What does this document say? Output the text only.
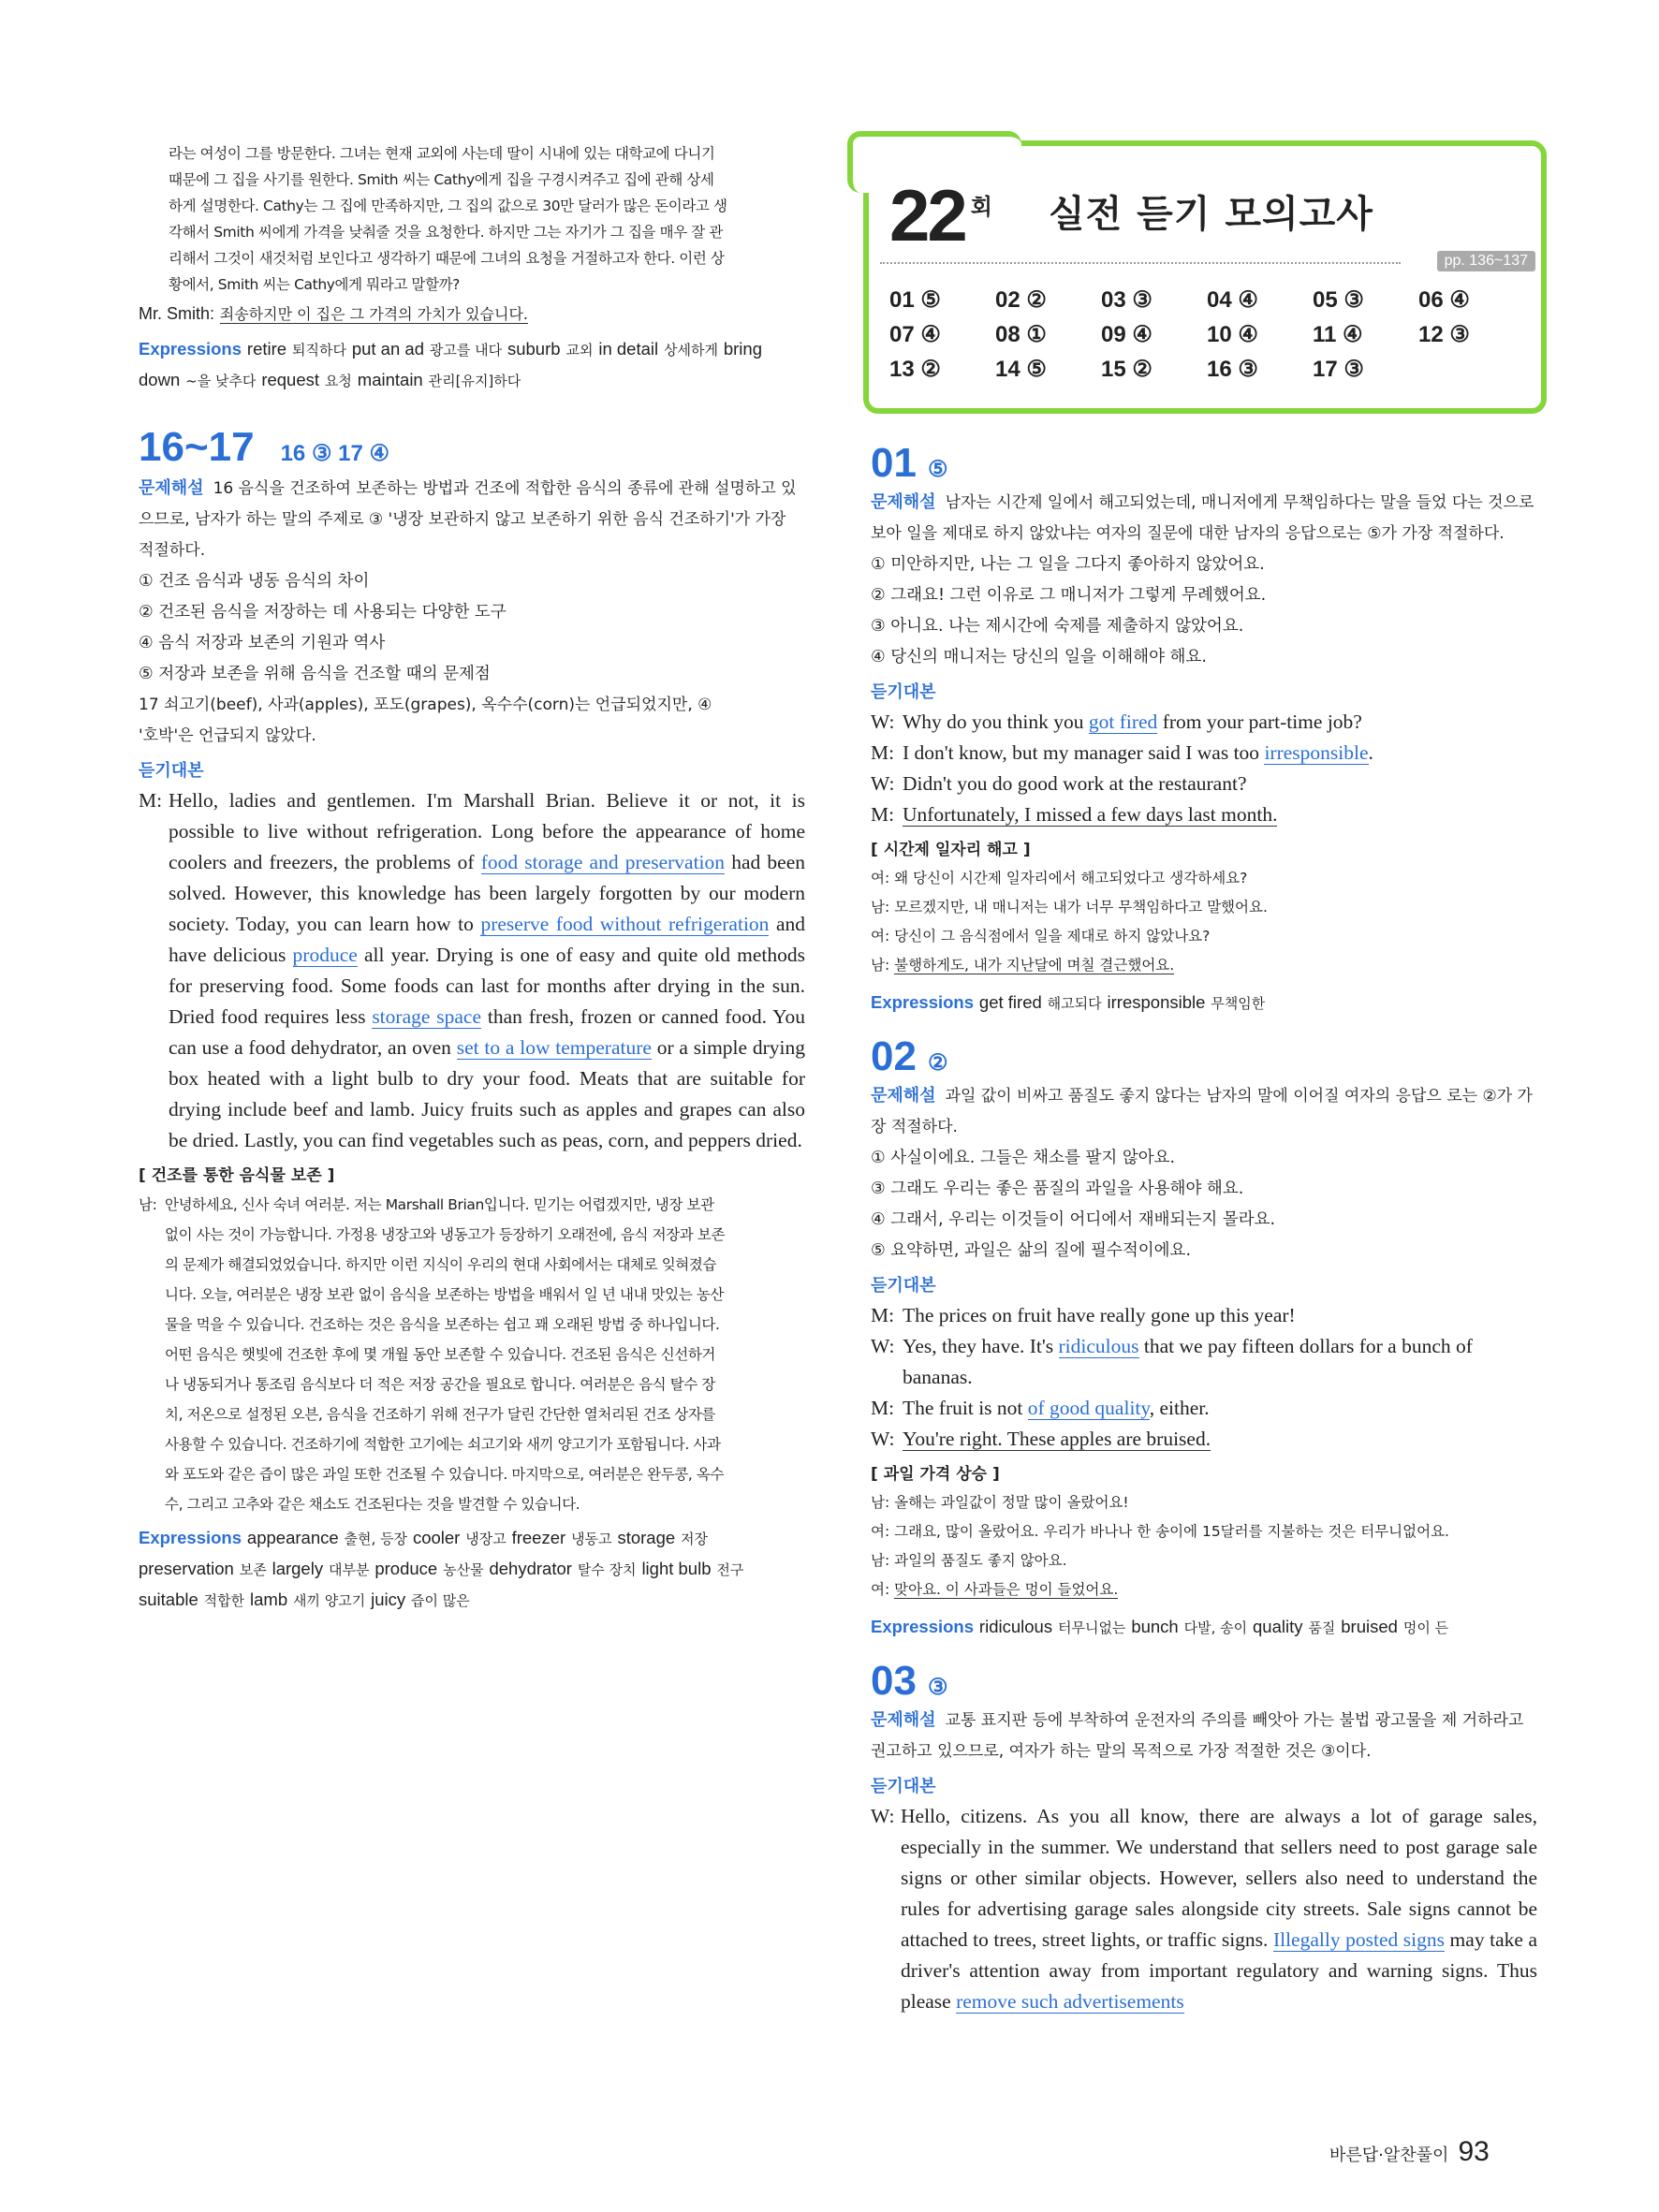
22 회 실전 듣기 모의고사
pp. 136~137
01 ⑤	02 ②	03 ③	04 ④	05 ③	06 ④
07 ④	08 ①	09 ④	10 ④	11 ④	12 ③
13 ②	14 ⑤	15 ②	16 ③	17 ③
라는 여성이 그를 방문한다. 그녀는 현재 교외에 사는데 딸이 시내에 있는 대학교에 다니기
때문에 그 집을 사기를 원한다. Smith 씨는 Cathy에게 집을 구경시켜주고 집에 관해 상세
하게 설명한다. Cathy는 그 집에 만족하지만, 그 집의 값으로 30만 달러가 많은 돈이라고 생
각해서 Smith 씨에게 가격을 낮춰줄 것을 요청한다. 하지만 그는 자기가 그 집을 매우 잘 관
리해서 그것이 새것처럼 보인다고 생각하기 때문에 그녀의 요청을 거절하고자 한다. 이런 상
황에서, Smith 씨는 Cathy에게 뭐라고 말할까?
Mr. Smith: 죄송하지만 이 집은 그 가격의 가치가 있습니다.
Expressions retire 퇴직하다 put an ad 광고를 내다 suburb 교외 in detail 상세하게 bring down ~을 낮추다 request 요청 maintain 관리[유지]하다
16~17 16 ③ 17 ④
문제해설 16 음식을 건조하여 보존하는 방법과 건조에 적합한 음식의 종류에 관해 설명하고 있으므로, 남자가 하는 말의 주제로 ③ '냉장 보관하지 않고 보존하기 위한 음식 건조하기'가 가장 적절하다.
① 건조 음식과 냉동 음식의 차이
② 건조된 음식을 저장하는 데 사용되는 다양한 도구
④ 음식 저장과 보존의 기원과 역사
⑤ 저장과 보존을 위해 음식을 건조할 때의 문제점
17 쇠고기(beef), 사과(apples), 포도(grapes), 옥수수(corn)는 언급되었지만, ④
'호박'은 언급되지 않았다.
듣기대본
M: Hello, ladies and gentlemen. I'm Marshall Brian. Believe it or not, it is possible to live without refrigeration. Long before the appearance of home coolers and freezers, the problems of food storage and preservation had been solved. However, this knowledge has been largely forgotten by our modern society. Today, you can learn how to preserve food without refrigeration and have delicious produce all year. Drying is one of easy and quite old methods for preserving food. Some foods can last for months after drying in the sun. Dried food requires less storage space than fresh, frozen or canned food. You can use a food dehydrator, an oven set to a low temperature or a simple drying box heated with a light bulb to dry your food. Meats that are suitable for drying include beef and lamb. Juicy fruits such as apples and grapes can also be dried. Lastly, you can find vegetables such as peas, corn, and peppers dried.
[ 건조를 통한 음식물 보존 ]
남: 안녕하세요, 신사 숙녀 여러분. 저는 Marshall Brian입니다. 믿기는 어렵겠지만, 냉장 보관
없이 사는 것이 가능합니다. 가정용 냉장고와 냉동고가 등장하기 오래전에, 음식 저장과 보존
의 문제가 해결되었었습니다. 하지만 이런 지식이 우리의 현대 사회에서는 대체로 잊혀졌습
니다. 오늘, 여러분은 냉장 보관 없이 음식을 보존하는 방법을 배워서 일 년 내내 맛있는 농산
물을 먹을 수 있습니다. 건조하는 것은 음식을 보존하는 쉽고 꽤 오래된 방법 중 하나입니다.
어떤 음식은 햇빛에 건조한 후에 몇 개월 동안 보존할 수 있습니다. 건조된 음식은 신선하거
나 냉동되거나 통조림 음식보다 더 적은 저장 공간을 필요로 합니다. 여러분은 음식 탈수 장
치, 저온으로 설정된 오븐, 음식을 건조하기 위해 전구가 달린 간단한 열처리된 건조 상자를
사용할 수 있습니다. 건조하기에 적합한 고기에는 쇠고기와 새끼 양고기가 포함됩니다. 사과
와 포도와 같은 즙이 많은 과일 또한 건조될 수 있습니다. 마지막으로, 여러분은 완두콩, 옥수
수, 그리고 고추와 같은 채소도 건조된다는 것을 발견할 수 있습니다.
Expressions appearance 출현, 등장 cooler 냉장고 freezer 냉동고 storage 저장 preservation 보존 largely 대부분 produce 농산물 dehydrator 탈수 장치 light bulb 전구 suitable 적합한 lamb 새끼 양고기 juicy 즙이 많은
01 ⑤
문제해설 남자는 시간제 일에서 해고되었는데, 매니저에게 무책임하다는 말을 들었 다는 것으로 보아 일을 제대로 하지 않았냐는 여자의 질문에 대한 남자의 응답으로는 ⑤가 가장 적절하다.
① 미안하지만, 나는 그 일을 그다지 좋아하지 않았어요.
② 그래요! 그런 이유로 그 매니저가 그렇게 무례했어요.
③ 아니요. 나는 제시간에 숙제를 제출하지 않았어요.
④ 당신의 매니저는 당신의 일을 이해해야 해요.
듣기대본
W: Why do you think you got fired from your part-time job?
M: I don't know, but my manager said I was too irresponsible.
W: Didn't you do good work at the restaurant?
M: Unfortunately, I missed a few days last month.
[ 시간제 일자리 해고 ]
여: 왜 당신이 시간제 일자리에서 해고되었다고 생각하세요?
남: 모르겠지만, 내 매니저는 내가 너무 무책임하다고 말했어요.
여: 당신이 그 음식점에서 일을 제대로 하지 않았나요?
남: 불행하게도, 내가 지난달에 며칠 결근했어요.
Expressions get fired 해고되다 irresponsible 무책임한
02 ②
문제해설 과일 값이 비싸고 품질도 좋지 않다는 남자의 말에 이어질 여자의 응답으 로는 ②가 가장 적절하다.
① 사실이에요. 그들은 채소를 팔지 않아요.
③ 그래도 우리는 좋은 품질의 과일을 사용해야 해요.
④ 그래서, 우리는 이것들이 어디에서 재배되는지 몰라요.
⑤ 요약하면, 과일은 삶의 질에 필수적이에요.
듣기대본
M: The prices on fruit have really gone up this year!
W: Yes, they have. It's ridiculous that we pay fifteen dollars for a bunch of bananas.
M: The fruit is not of good quality, either.
W: You're right. These apples are bruised.
[ 과일 가격 상승 ]
남: 올해는 과일값이 정말 많이 올랐어요!
여: 그래요, 많이 올랐어요. 우리가 바나나 한 송이에 15달러를 지불하는 것은 터무니없어요.
남: 과일의 품질도 좋지 않아요.
여: 맞아요. 이 사과들은 멍이 들었어요.
Expressions ridiculous 터무니없는 bunch 다발, 송이 quality 품질 bruised 멍이 든
03 ③
문제해설 교통 표지판 등에 부착하여 운전자의 주의를 빼앗아 가는 불법 광고물을 제 거하라고 권고하고 있으므로, 여자가 하는 말의 목적으로 가장 적절한 것은 ③이다.
듣기대본
W: Hello, citizens. As you all know, there are always a lot of garage sales, especially in the summer. We understand that sellers need to post garage sale signs or other similar objects. However, sellers also need to understand the rules for advertising garage sales alongside city streets. Sale signs cannot be attached to trees, street lights, or traffic signs. Illegally posted signs may take a driver's attention away from important regulatory and warning signs. Thus please remove such advertisements
바른답·알찬풀이 93
